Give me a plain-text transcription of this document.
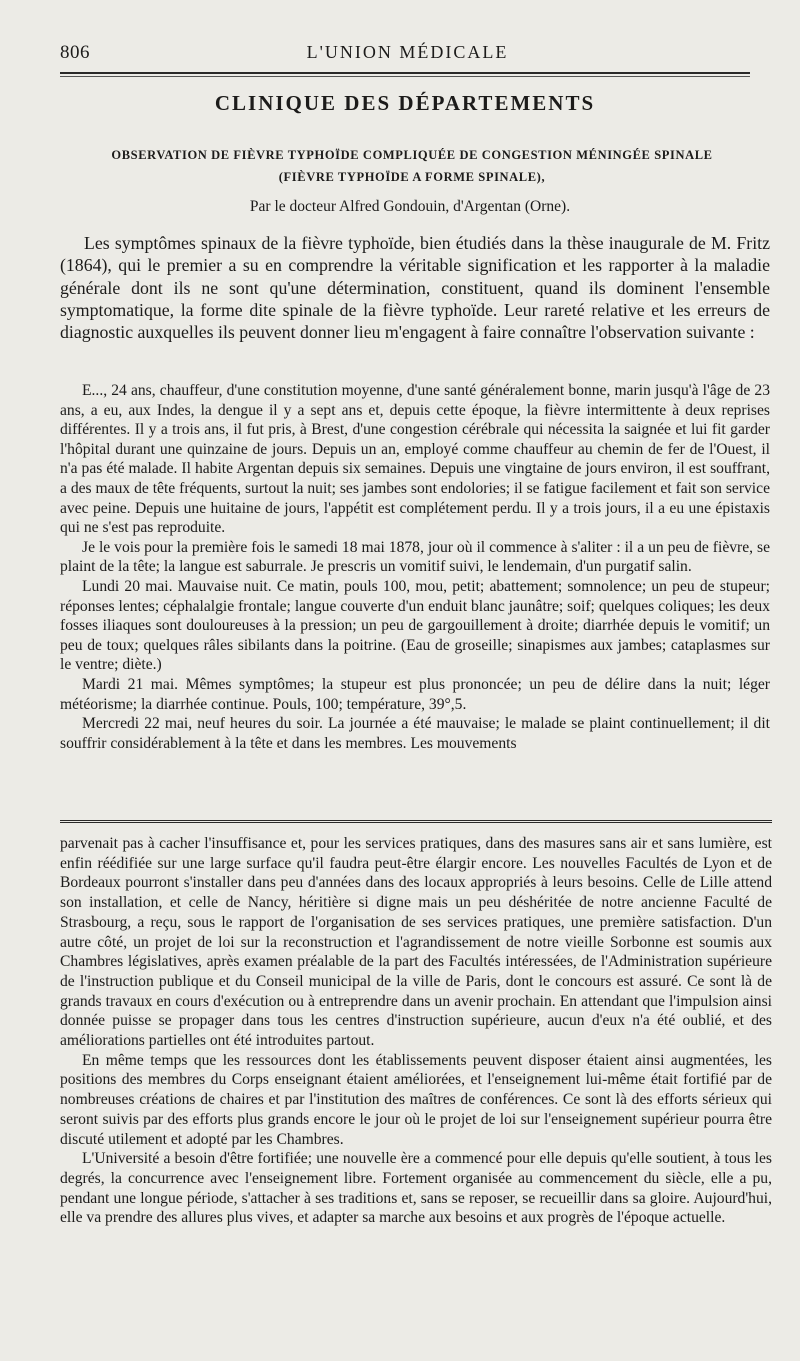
806	L'UNION MÉDICALE
CLINIQUE DES DÉPARTEMENTS
OBSERVATION DE FIÈVRE TYPHOÏDE COMPLIQUÉE DE CONGESTION MÉNINGÉE SPINALE
(FIÈVRE TYPHOÏDE A FORME SPINALE),
Par le docteur Alfred Gondouin, d'Argentan (Orne).

Les symptômes spinaux de la fièvre typhoïde, bien étudiés dans la thèse inaugurale de M. Fritz (1864), qui le premier a su en comprendre la véritable signification et les rapporter à la maladie générale dont ils ne sont qu'une détermination, constituent, quand ils dominent l'ensemble symptomatique, la forme dite spinale de la fièvre typhoïde. Leur rareté relative et les erreurs de diagnostic auxquelles ils peuvent donner lieu m'engagent à faire connaître l'observation suivante :

E..., 24 ans, chauffeur, d'une constitution moyenne, d'une santé généralement bonne, marin jusqu'à l'âge de 23 ans, a eu, aux Indes, la dengue il y a sept ans et, depuis cette époque, la fièvre intermittente à deux reprises différentes. Il y a trois ans, il fut pris, à Brest, d'une congestion cérébrale qui nécessita la saignée et lui fit garder l'hôpital durant une quinzaine de jours. Depuis un an, employé comme chauffeur au chemin de fer de l'Ouest, il n'a pas été malade. Il habite Argentan depuis six semaines. Depuis une vingtaine de jours environ, il est souffrant, a des maux de tête fréquents, surtout la nuit; ses jambes sont endolories; il se fatigue facilement et fait son service avec peine. Depuis une huitaine de jours, l'appétit est complétement perdu. Il y a trois jours, il a eu une épistaxis qui ne s'est pas reproduite.

Je le vois pour la première fois le samedi 18 mai 1878, jour où il commence à s'aliter : il a un peu de fièvre, se plaint de la tête; la langue est saburrale. Je prescris un vomitif suivi, le lendemain, d'un purgatif salin.

Lundi 20 mai. Mauvaise nuit. Ce matin, pouls 100, mou, petit; abattement; somnolence; un peu de stupeur; réponses lentes; céphalalgie frontale; langue couverte d'un enduit blanc jaunâtre; soif; quelques coliques; les deux fosses iliaques sont douloureuses à la pression; un peu de gargouillement à droite; diarrhée depuis le vomitif; un peu de toux; quelques râles sibilants dans la poitrine. (Eau de groseille; sinapismes aux jambes; cataplasmes sur le ventre; diète.)

Mardi 21 mai. Mêmes symptômes; la stupeur est plus prononcée; un peu de délire dans la nuit; léger météorisme; la diarrhée continue. Pouls, 100; température, 39°,5.

Mercredi 22 mai, neuf heures du soir. La journée a été mauvaise; le malade se plaint continuellement; il dit souffrir considérablement à la tête et dans les membres. Les mouvements

parvenait pas à cacher l'insuffisance et, pour les services pratiques, dans des masures sans air et sans lumière, est enfin réédifiée sur une large surface qu'il faudra peut-être élargir encore. Les nouvelles Facultés de Lyon et de Bordeaux pourront s'installer dans peu d'années dans des locaux appropriés à leurs besoins. Celle de Lille attend son installation, et celle de Nancy, héritière si digne mais un peu déshéritée de notre ancienne Faculté de Strasbourg, a reçu, sous le rapport de l'organisation de ses services pratiques, une première satisfaction. D'un autre côté, un projet de loi sur la reconstruction et l'agrandissement de notre vieille Sorbonne est soumis aux Chambres législatives, après examen préalable de la part des Facultés intéressées, de l'Administration supérieure de l'instruction publique et du Conseil municipal de la ville de Paris, dont le concours est assuré. Ce sont là de grands travaux en cours d'exécution ou à entreprendre dans un avenir prochain. En attendant que l'impulsion ainsi donnée puisse se propager dans tous les centres d'instruction supérieure, aucun d'eux n'a été oublié, et des améliorations partielles ont été introduites partout.

En même temps que les ressources dont les établissements peuvent disposer étaient ainsi augmentées, les positions des membres du Corps enseignant étaient améliorées, et l'enseignement lui-même était fortifié par de nombreuses créations de chaires et par l'institution des maîtres de conférences. Ce sont là des efforts sérieux qui seront suivis par des efforts plus grands encore le jour où le projet de loi sur l'enseignement supérieur pourra être discuté utilement et adopté par les Chambres.

L'Université a besoin d'être fortifiée; une nouvelle ère a commencé pour elle depuis qu'elle soutient, à tous les degrés, la concurrence avec l'enseignement libre. Fortement organisée au commencement du siècle, elle a pu, pendant une longue période, s'attacher à ses traditions et, sans se reposer, se recueillir dans sa gloire. Aujourd'hui, elle va prendre des allures plus vives, et adapter sa marche aux besoins et aux progrès de l'époque actuelle.
